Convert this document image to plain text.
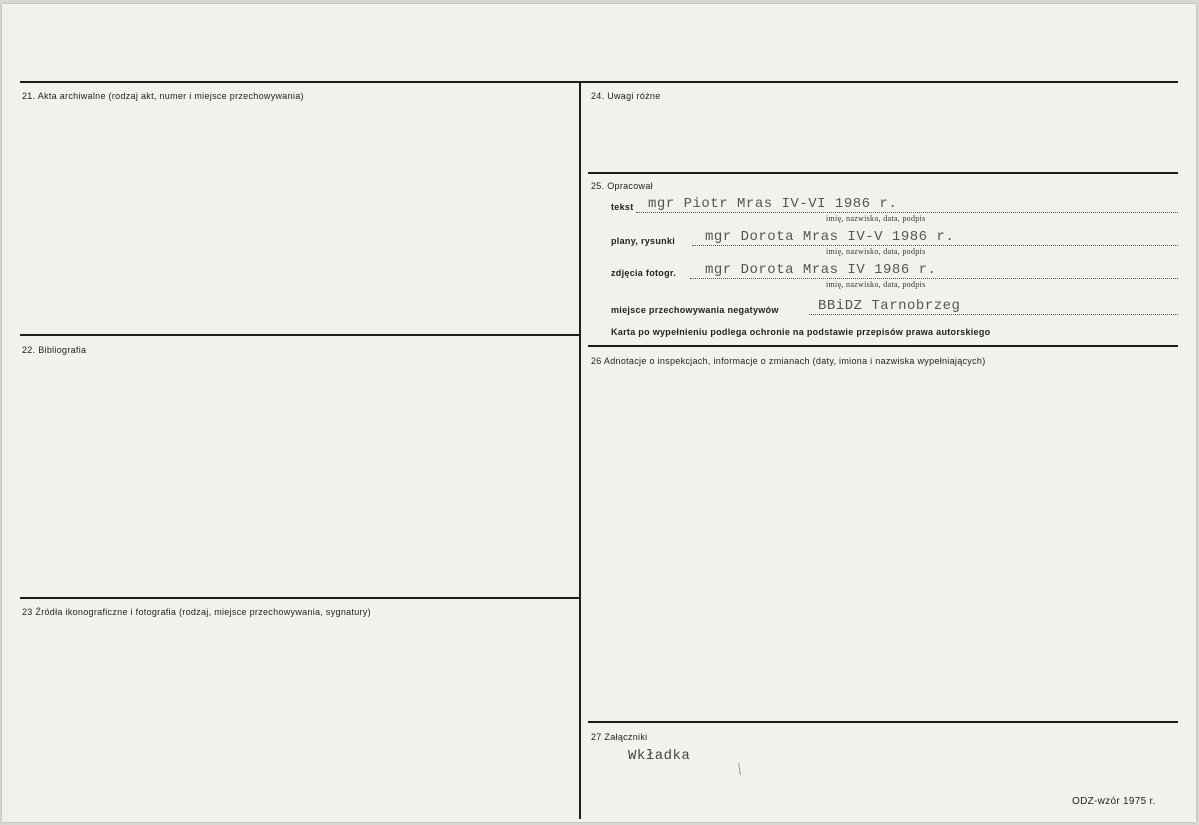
21. Akta archiwalne (rodzaj akt, numer i miejsce przechowywania)
22. Bibliografia
23 Źródła ikonograficzne i fotografia (rodzaj, miejsce przechowywania, sygnatury)
24. Uwagi różne
25. Opracował
26 Adnotacje o inspekcjach, informacje o zmianach (daty, imiona i nazwiska wypełniających)
27 Załączniki
tekst mgr Piotr Mras IV-VI 1986 r.
imię, nazwisko, data, podpis
plany, rysunki mgr Dorota Mras IV-V 1986 r.
imię, nazwisko, data, podpis
zdjęcia fotogr. mgr Dorota Mras IV 1986 r.
imię, nazwisko, data, podpis
miejsce przechowywania negatywów	BBiDZ Tarnobrzeg
Karta po wypełnieniu podlega ochronie na podstawie przepisów prawa autorskiego
Wkładka
ODZ-wzór 1975 r.
